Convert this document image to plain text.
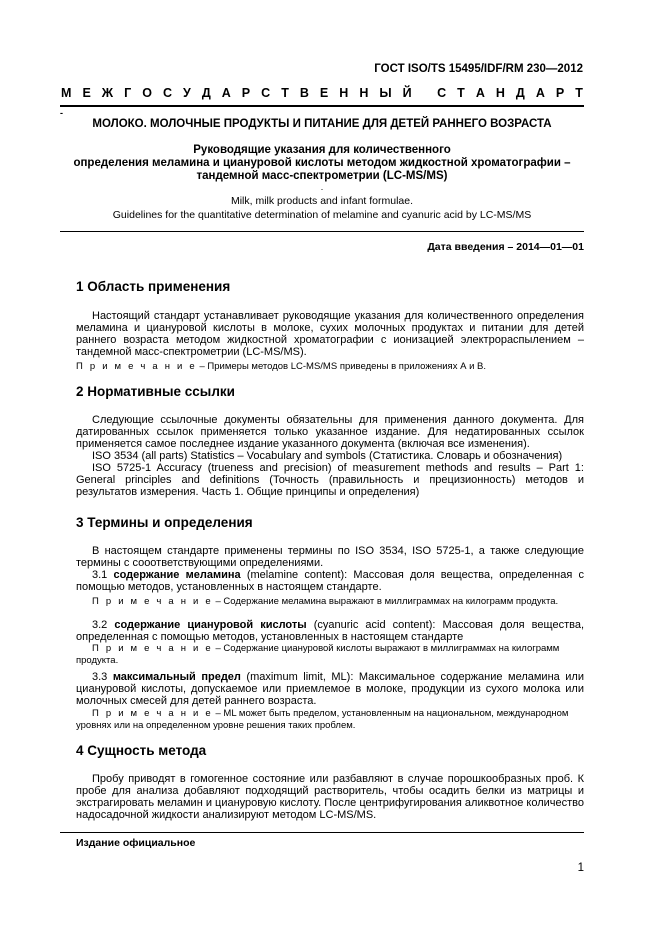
ГОСТ ISO/TS 15495/IDF/RM 230—2012
М Е Ж Г О С У Д А Р С Т В Е Н Н Ы Й
С Т А Н Д А Р Т
-
МОЛОКО. МОЛОЧНЫЕ ПРОДУКТЫ И ПИТАНИЕ ДЛЯ ДЕТЕЙ РАННЕГО ВОЗРАСТА
Руководящие указания для количественного
определения меламина и циануровой кислоты методом жидкостной хроматографии –
тандемной масс-спектрометрии (LC-MS/MS)
.
Milk, milk products and infant formulae.
Guidelines for the quantitative determination of melamine and cyanuric acid by LC-MS/MS
Дата введения – 2014—01—01
1 Область применения
Настоящий стандарт устанавливает руководящие указания для количественного определения меламина и циануровой кислоты в молоке, сухих молочных продуктах и питании для детей раннего возраста методом жидкостной хроматографии с ионизацией электрораспылением – тандемной масс-спектрометрии (LC-MS/MS).
П р и м е ч а н и е – Примеры методов LC-MS/MS приведены в приложениях А и В.
2 Нормативные ссылки
Следующие ссылочные документы обязательны для применения данного документа. Для датированных ссылок применяется только указанное издание. Для недатированных ссылок применяется самое последнее издание указанного документа (включая все изменения).
ISO 3534 (all parts) Statistics – Vocabulary and symbols (Статистика. Словарь и обозначения)
ISO 5725-1 Accuracy (trueness and precision) of measurement methods and results – Part 1: General principles and definitions (Точность (правильность и прецизионность) методов и результатов измерения. Часть 1. Общие принципы и определения)
3 Термины и определения
В настоящем стандарте применены термины по ISO 3534, ISO 5725-1, а также следующие термины с сооответствующими определениями.
3.1 содержание меламина (melamine content): Массовая доля вещества, определенная с помощью методов, установленных в настоящем стандарте.
П р и м е ч а н и е – Содержание меламина выражают в миллиграммах на килограмм продукта.
3.2 содержание циануровой кислоты (cyanuric acid content): Массовая доля вещества, определенная с помощью методов, установленных в настоящем стандарте
П р и м е ч а н и е – Содержание циануровой кислоты выражают в миллиграммах на килограмм продукта.
3.3 максимальный предел (maximum limit, ML): Максимальное содержание меламина или циануровой кислоты, допускаемое или приемлемое в молоке, продукции из сухого молока или молочных смесей для детей раннего возраста.
П р и м е ч а н и е – ML может быть пределом, установленным на национальном, международном уровнях или на определенном уровне решения таких проблем.
4 Сущность метода
Пробу приводят в гомогенное состояние или разбавляют в случае порошкообразных проб. К пробе для анализа добавляют подходящий растворитель, чтобы осадить белки из матрицы и экстрагировать меламин и циануровую кислоту. После центрифугирования аликвотное количество надосадочной жидкости анализируют методом LC-MS/MS.
Издание официальное
1
